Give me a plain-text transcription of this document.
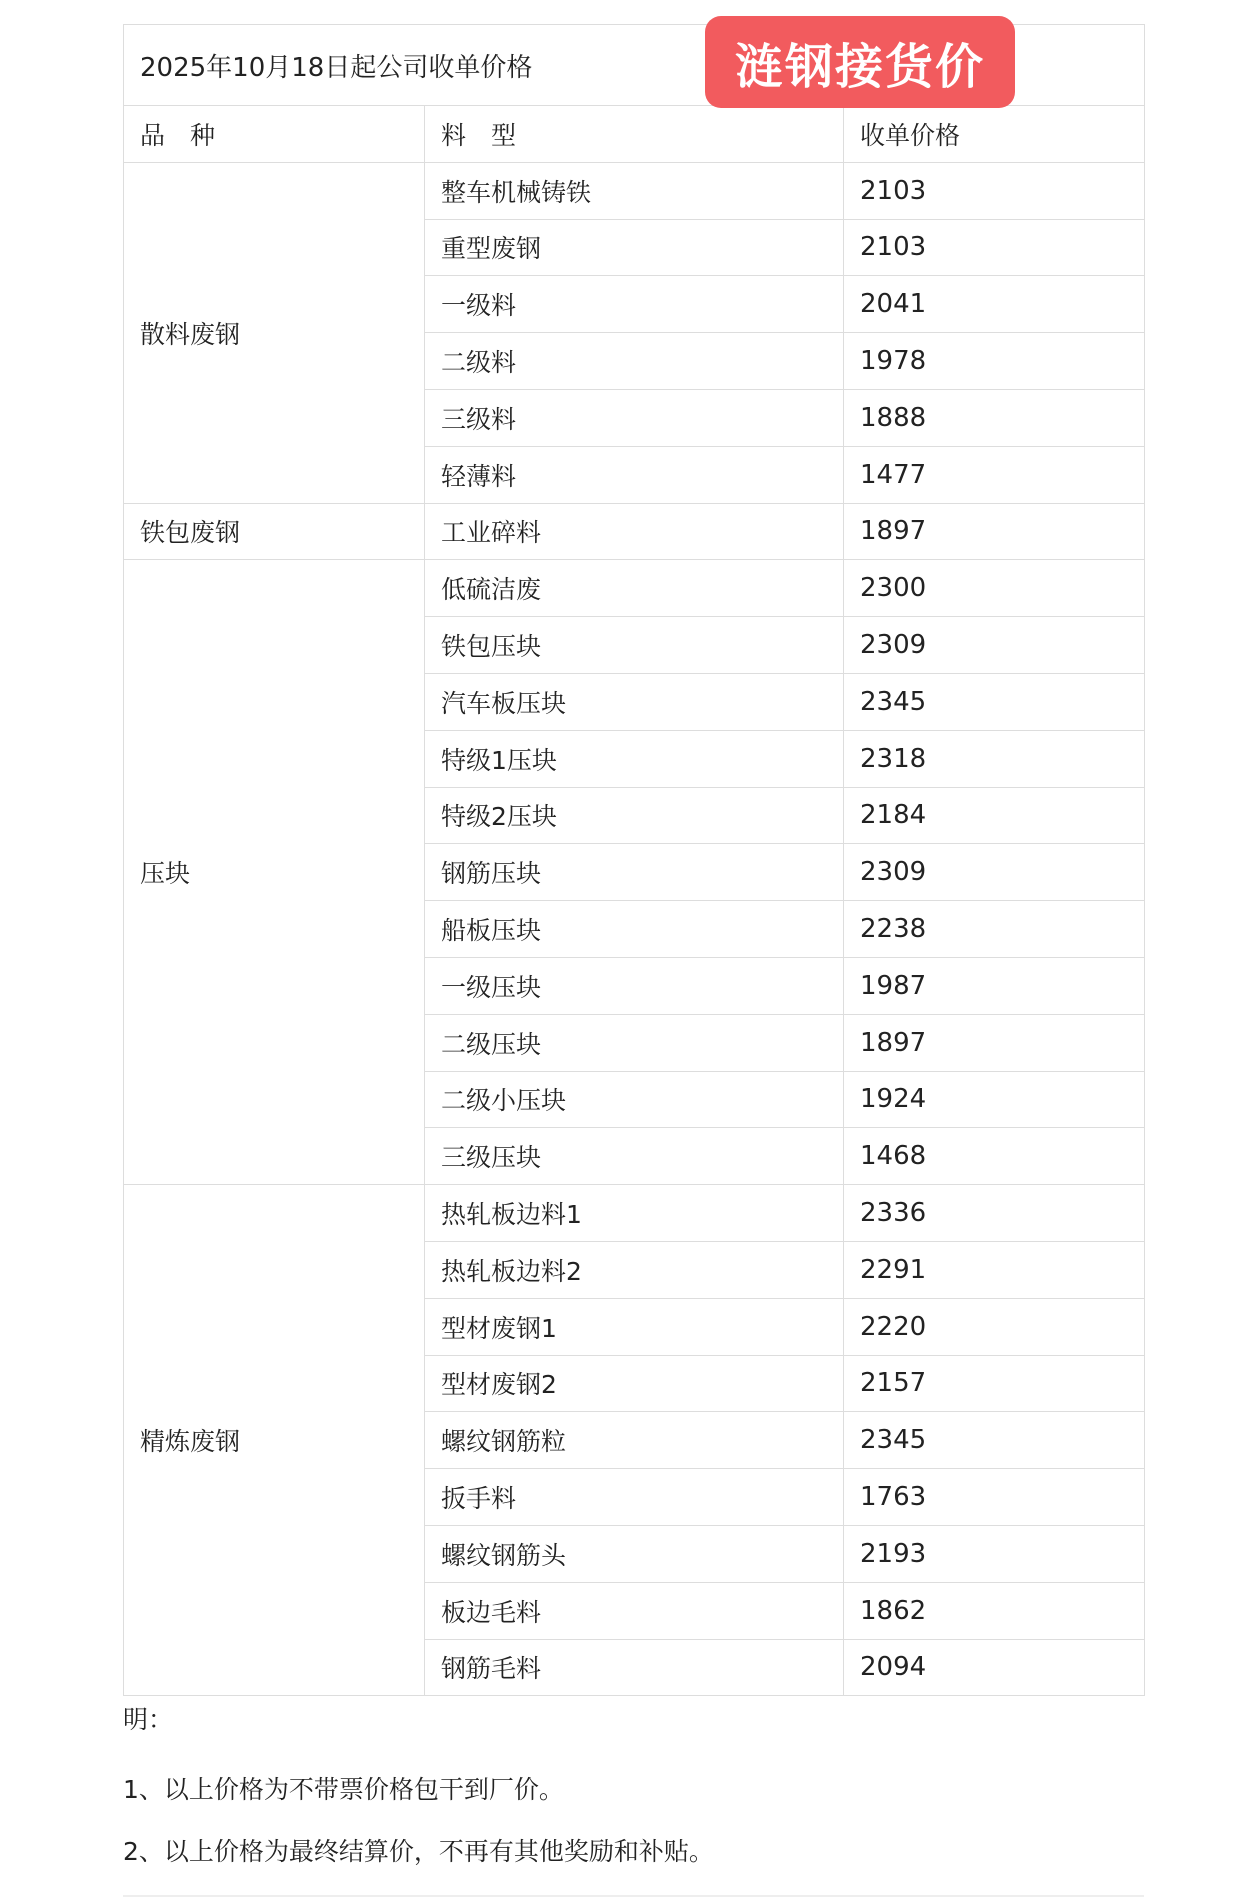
2025年10月18日起公司收单价格		
品　种	料　型	收单价格
散料废钢	整车机械铸铁	2103
	重型废钢	2103
	一级料	2041
	二级料	1978
	三级料	1888
	轻薄料	1477
铁包废钢	工业碎料	1897
压块	低硫洁废	2300
	铁包压块	2309
	汽车板压块	2345
	特级1压块	2318
	特级2压块	2184
	钢筋压块	2309
	船板压块	2238
	一级压块	1987
	二级压块	1897
	二级小压块	1924
	三级压块	1468
精炼废钢	热轧板边料1	2336
	热轧板边料2	2291
	型材废钢1	2220
	型材废钢2	2157
	螺纹钢筋粒	2345
	扳手料	1763
	螺纹钢筋头	2193
	板边毛料	1862
	钢筋毛料	2094
涟钢接货价

明：

1、以上价格为不带票价格包干到厂价。

2、以上价格为最终结算价，不再有其他奖励和补贴。
